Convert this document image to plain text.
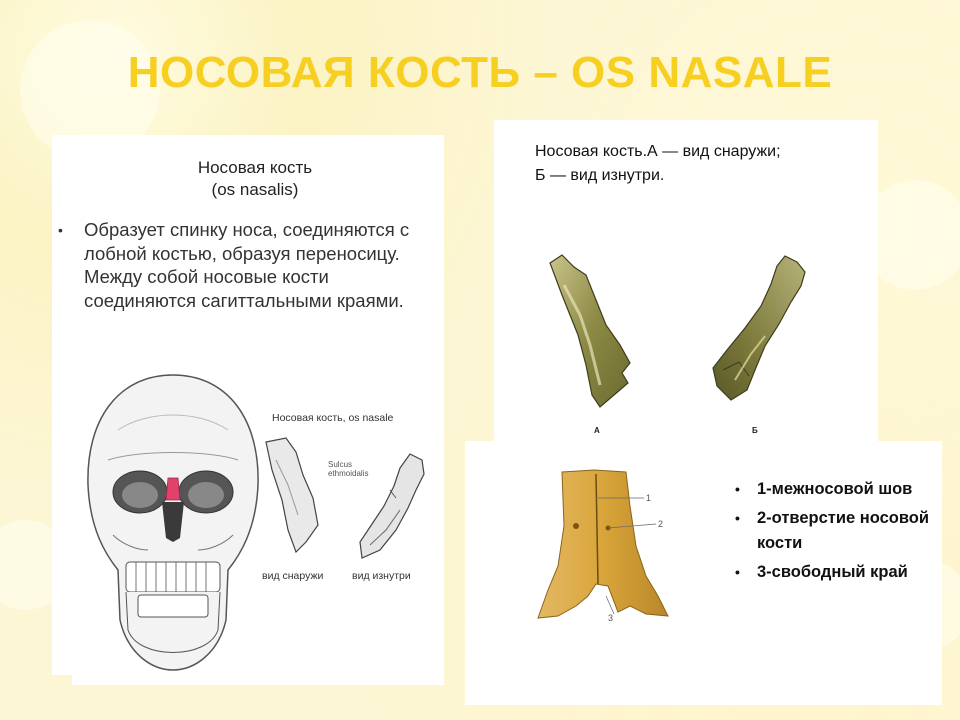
НОСОВАЯ КОСТЬ – OS NASALE
Носовая кость
(os nasalis)
• Образует спинку носа, соединяются с лобной костью, образуя переносицу. Между собой носовые кости соединяются сагиттальными краями.
Носовая кость, os nasale
Sulcus
ethmoidalis
вид снаружи	вид изнутри
Носовая кость.А — вид снаружи;
Б — вид изнутри.
А	Б
1
2
3
• 1-межносовой шов
• 2-отверстие носовой кости
• 3-свободный край
